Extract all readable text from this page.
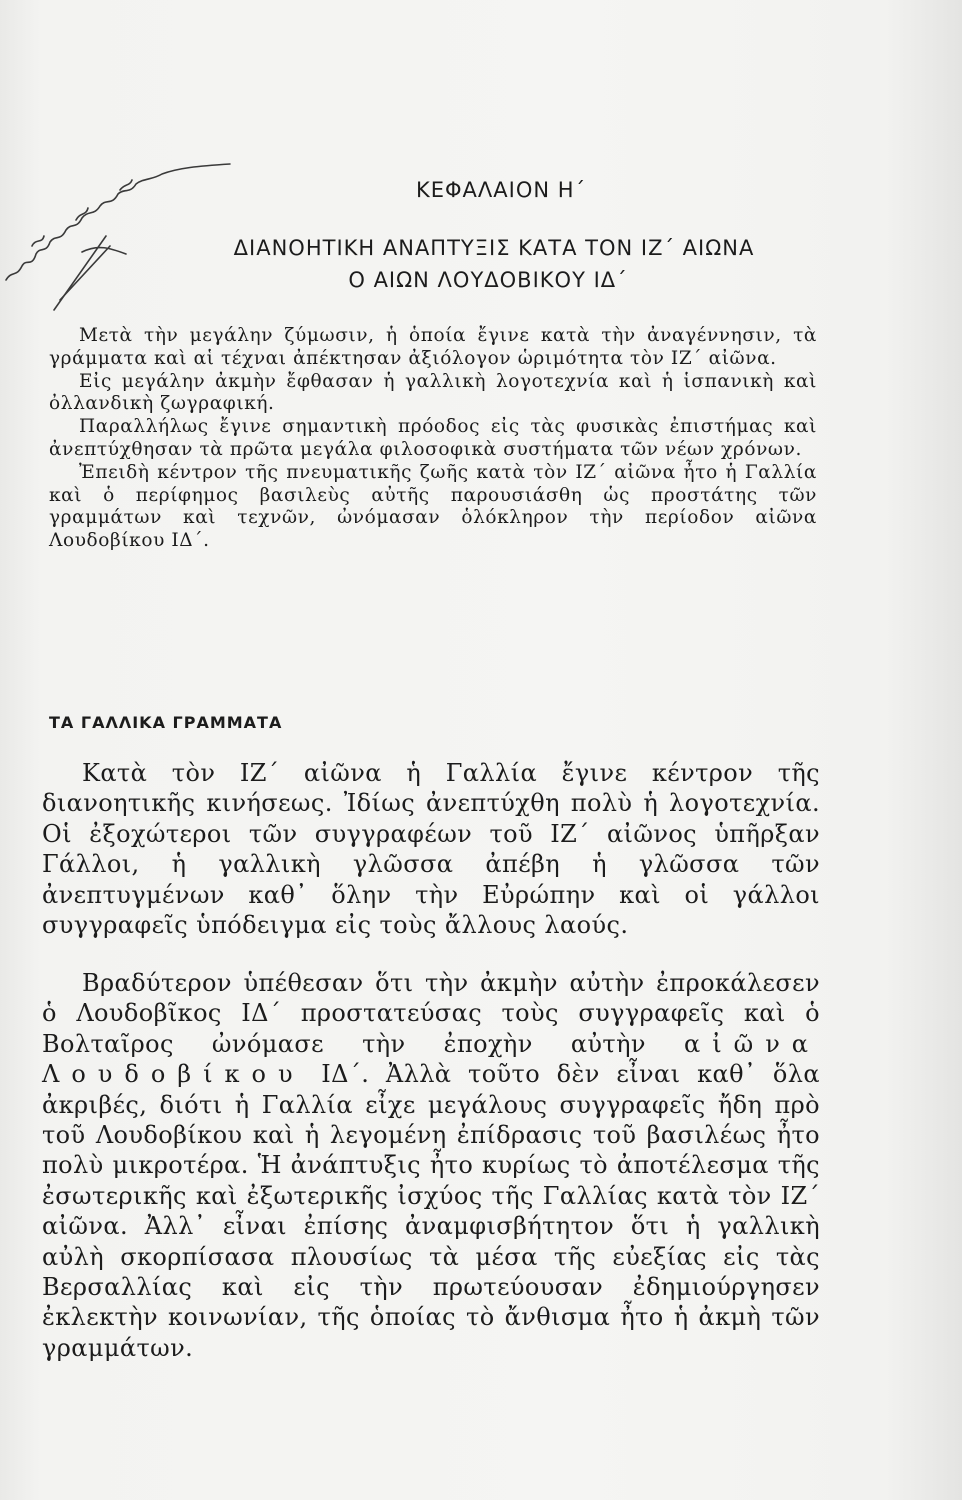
ΚΕΦΑΛΑΙΟΝ Η΄
ΔΙΑΝΟΗΤΙΚΗ ΑΝΑΠΤΥΞΙΣ ΚΑΤΑ ΤΟΝ ΙΖ΄ ΑΙΩΝΑ
Ο ΑΙΩΝ ΛΟΥΔΟΒΙΚΟΥ ΙΔ΄

Μετὰ τὴν μεγάλην ζύμωσιν, ἡ ὁποία ἔγινε κατὰ τὴν ἀναγέννησιν, τὰ γράμματα καὶ αἱ τέχναι ἀπέκτησαν ἀξιόλογον ὡριμότητα τὸν ΙΖ΄ αἰῶνα.

Εἰς μεγάλην ἀκμὴν ἔφθασαν ἡ γαλλικὴ λογοτεχνία καὶ ἡ ἱσπανικὴ καὶ ὀλλανδικὴ ζωγραφική.

Παραλλήλως ἔγινε σημαντικὴ πρόοδος εἰς τὰς φυσικὰς ἐπιστήμας καὶ ἀνεπτύχθησαν τὰ πρῶτα μεγάλα φιλοσοφικὰ συστήματα τῶν νέων χρόνων.

Ἐπειδὴ κέντρον τῆς πνευματικῆς ζωῆς κατὰ τὸν ΙΖ΄ αἰῶνα ἦτο ἡ Γαλλία καὶ ὁ περίφημος βασιλεὺς αὐτῆς παρουσιάσθη ὡς προστάτης τῶν γραμμάτων καὶ τεχνῶν, ὠνόμασαν ὁλόκληρον τὴν περίοδον αἰῶνα Λουδοβίκου ΙΔ΄.

ΤΑ ΓΑΛΛΙΚΑ ΓΡΑΜΜΑΤΑ

Κατὰ τὸν ΙΖ΄ αἰῶνα ἡ Γαλλία ἔγινε κέντρον τῆς διανοητικῆς κινήσεως. Ἰδίως ἀνεπτύχθη πολὺ ἡ λογοτεχνία. Οἱ ἐξοχώτεροι τῶν συγγραφέων τοῦ ΙΖ΄ αἰῶνος ὑπῆρξαν Γάλλοι, ἡ γαλλικὴ γλῶσσα ἀπέβη ἡ γλῶσσα τῶν ἀνεπτυγμένων καθ᾿ ὅλην τὴν Εὐρώπην καὶ οἱ γάλλοι συγγραφεῖς ὑπόδειγμα εἰς τοὺς ἄλλους λαούς.

Βραδύτερον ὑπέθεσαν ὅτι τὴν ἀκμὴν αὐτὴν ἐπροκάλεσεν ὁ Λουδοβῖκος ΙΔ΄ προστατεύσας τοὺς συγγραφεῖς καὶ ὁ Βολταῖρος ὠνόμασε τὴν ἐποχὴν αὐτὴν αἰῶνα Λουδοβίκου ΙΔ΄. Ἀλλὰ τοῦτο δὲν εἶναι καθ᾿ ὅλα ἀκριβές, διότι ἡ Γαλλία εἶχε μεγάλους συγγραφεῖς ἤδη πρὸ τοῦ Λουδοβίκου καὶ ἡ λεγομένη ἐπίδρασις τοῦ βασιλέως ἦτο πολὺ μικροτέρα. Ἡ ἀνάπτυξις ἦτο κυρίως τὸ ἀποτέλεσμα τῆς ἐσωτερικῆς καὶ ἐξωτερικῆς ἰσχύος τῆς Γαλλίας κατὰ τὸν ΙΖ΄ αἰῶνα. Ἀλλ᾿ εἶναι ἐπίσης ἀναμφισβήτητον ὅτι ἡ γαλλικὴ αὐλὴ σκορπίσασα πλουσίως τὰ μέσα τῆς εὐεξίας εἰς τὰς Βερσαλλίας καὶ εἰς τὴν πρωτεύουσαν ἐδημιούργησεν ἐκλεκτὴν κοινωνίαν, τῆς ὁποίας τὸ ἄνθισμα ἦτο ἡ ἀκμὴ τῶν γραμμάτων.
